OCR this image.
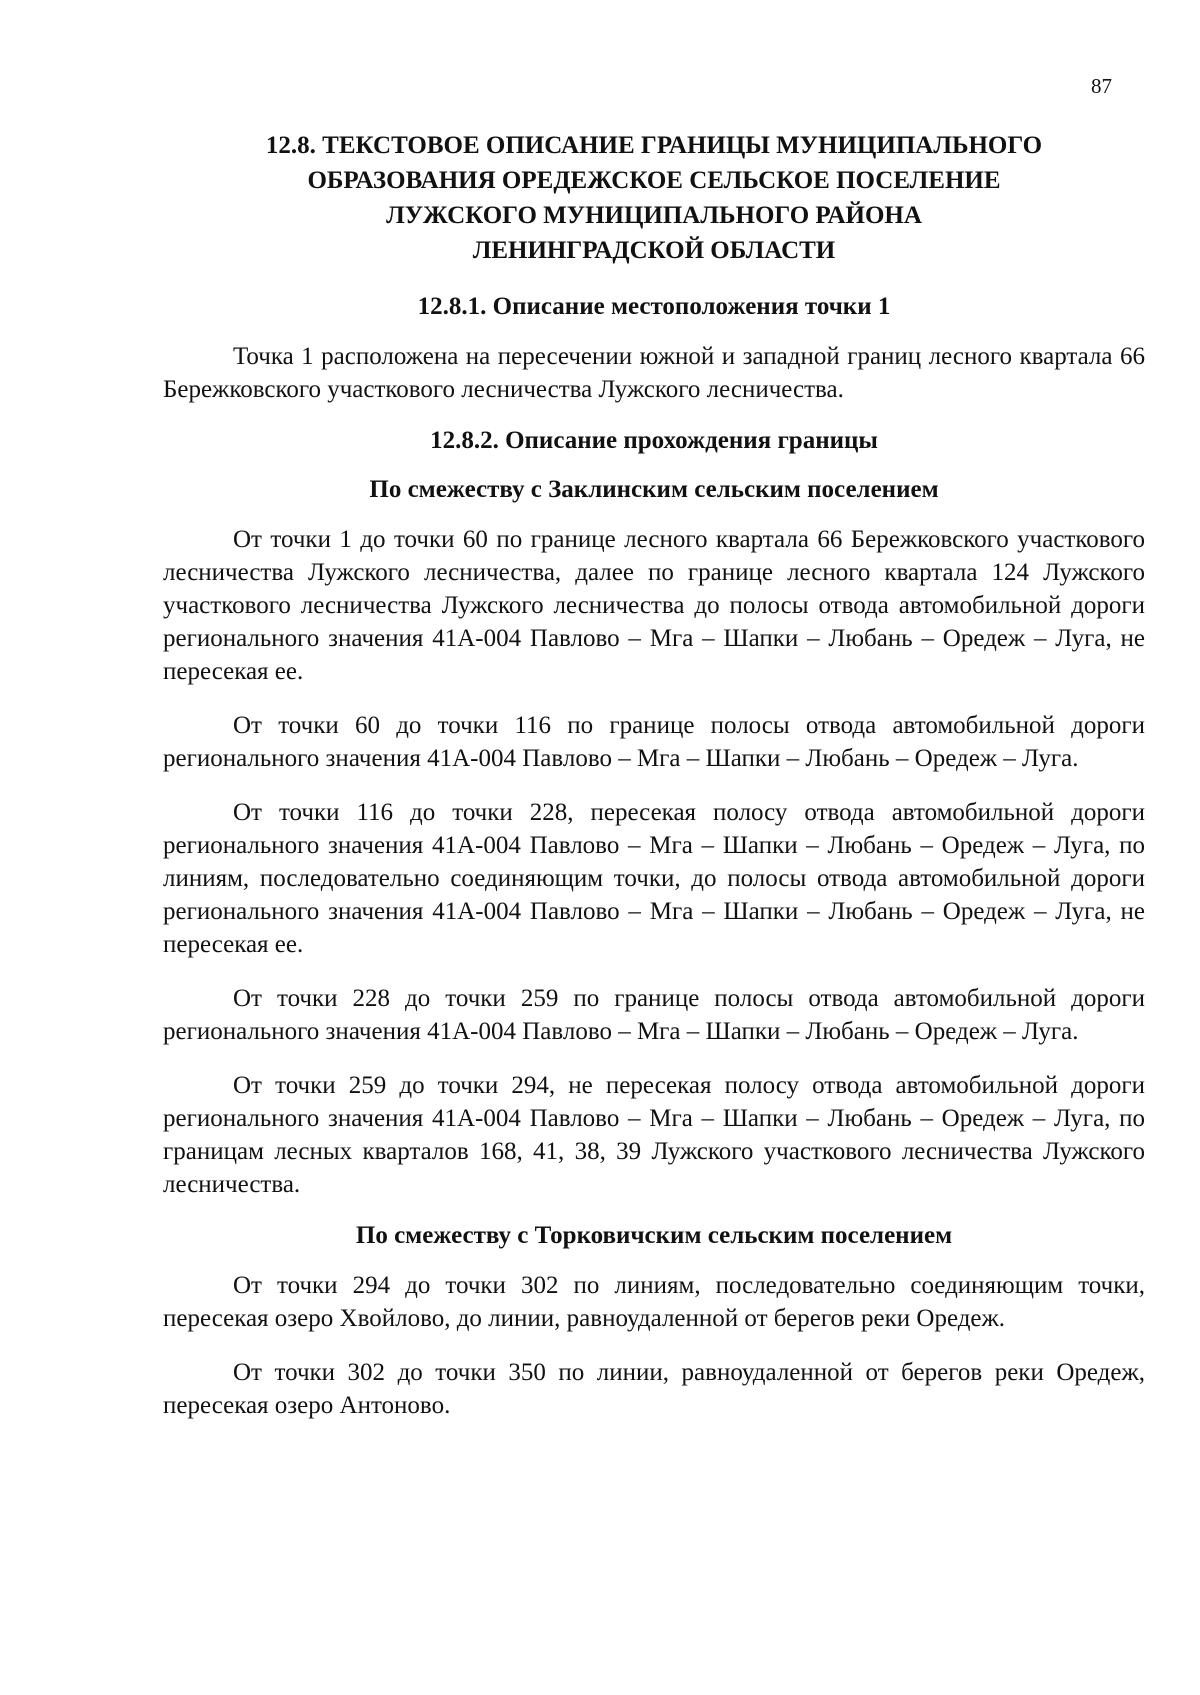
87
12.8. ТЕКСТОВОЕ ОПИСАНИЕ ГРАНИЦЫ МУНИЦИПАЛЬНОГО
ОБРАЗОВАНИЯ ОРЕДЕЖСКОЕ СЕЛЬСКОЕ ПОСЕЛЕНИЕ
ЛУЖСКОГО МУНИЦИПАЛЬНОГО РАЙОНА
ЛЕНИНГРАДСКОЙ ОБЛАСТИ
12.8.1. Описание местоположения точки 1

Точка 1 расположена на пересечении южной и западной границ лесного квартала 66 Бережковского участкового лесничества Лужского лесничества.

12.8.2. Описание прохождения границы
По смежеству с Заклинским сельским поселением

От точки 1 до точки 60 по границе лесного квартала 66 Бережковского участкового лесничества Лужского лесничества, далее по границе лесного квартала 124 Лужского участкового лесничества Лужского лесничества до полосы отвода автомобильной дороги регионального значения 41А-004 Павлово – Мга – Шапки – Любань – Оредеж – Луга, не пересекая ее.

От точки 60 до точки 116 по границе полосы отвода автомобильной дороги регионального значения 41А-004 Павлово – Мга – Шапки – Любань – Оредеж – Луга.

От точки 116 до точки 228, пересекая полосу отвода автомобильной дороги регионального значения 41А-004 Павлово – Мга – Шапки – Любань – Оредеж – Луга, по линиям, последовательно соединяющим точки, до полосы отвода автомобильной дороги регионального значения 41А-004 Павлово – Мга – Шапки – Любань – Оредеж – Луга, не пересекая ее.

От точки 228 до точки 259 по границе полосы отвода автомобильной дороги регионального значения 41А-004 Павлово – Мга – Шапки – Любань – Оредеж – Луга.

От точки 259 до точки 294, не пересекая полосу отвода автомобильной дороги регионального значения 41А-004 Павлово – Мга – Шапки – Любань – Оредеж – Луга, по границам лесных кварталов 168, 41, 38, 39 Лужского участкового лесничества Лужского лесничества.

По смежеству с Торковичским сельским поселением

От точки 294 до точки 302 по линиям, последовательно соединяющим точки, пересекая озеро Хвойлово, до линии, равноудаленной от берегов реки Оредеж.

От точки 302 до точки 350 по линии, равноудаленной от берегов реки Оредеж, пересекая озеро Антоново.
